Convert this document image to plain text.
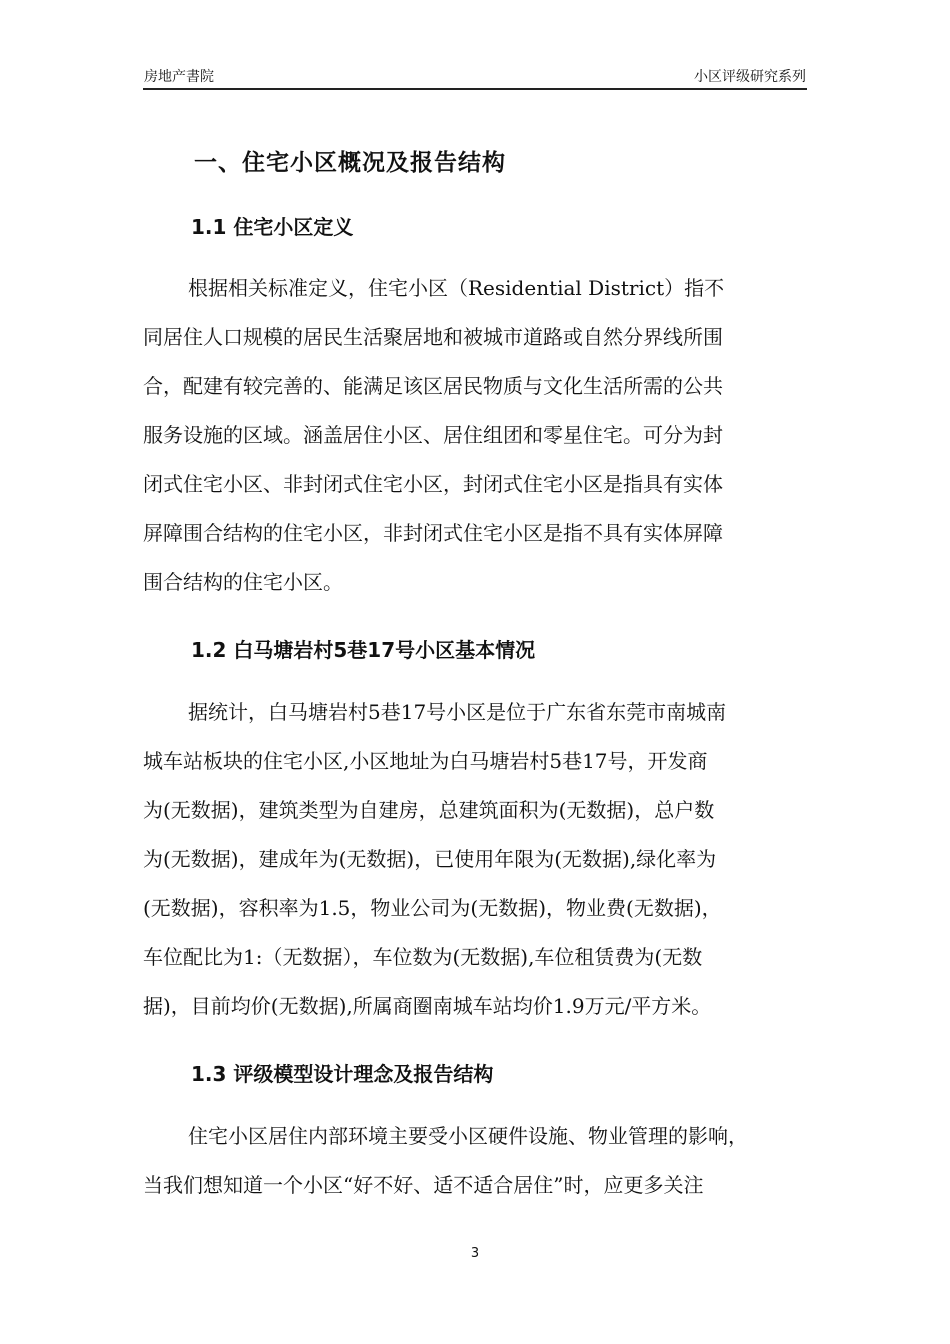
房地产書院	小区评级研究系列
一、住宅小区概况及报告结构
1.1 住宅小区定义
根据相关标准定义，住宅小区（Residential District）指不
同居住人口规模的居民生活聚居地和被城市道路或自然分界线所围
合，配建有较完善的、能满足该区居民物质与文化生活所需的公共
服务设施的区域。涵盖居住小区、居住组团和零星住宅。可分为封
闭式住宅小区、非封闭式住宅小区，封闭式住宅小区是指具有实体
屏障围合结构的住宅小区，非封闭式住宅小区是指不具有实体屏障
围合结构的住宅小区。
1.2 白马塘岩村5巷17号小区基本情况
据统计，白马塘岩村5巷17号小区是位于广东省东莞市南城南
城车站板块的住宅小区,小区地址为白马塘岩村5巷17号，开发商
为(无数据)，建筑类型为自建房，总建筑面积为(无数据)，总户数
为(无数据)，建成年为(无数据)，已使用年限为(无数据),绿化率为
(无数据)，容积率为1.5，物业公司为(无数据)，物业费(无数据)，
车位配比为1:（无数据），车位数为(无数据),车位租赁费为(无数
据)，目前均价(无数据),所属商圈南城车站均价1.9万元/平方米。
1.3 评级模型设计理念及报告结构
住宅小区居住内部环境主要受小区硬件设施、物业管理的影响，
当我们想知道一个小区“好不好、适不适合居住”时，应更多关注
3
